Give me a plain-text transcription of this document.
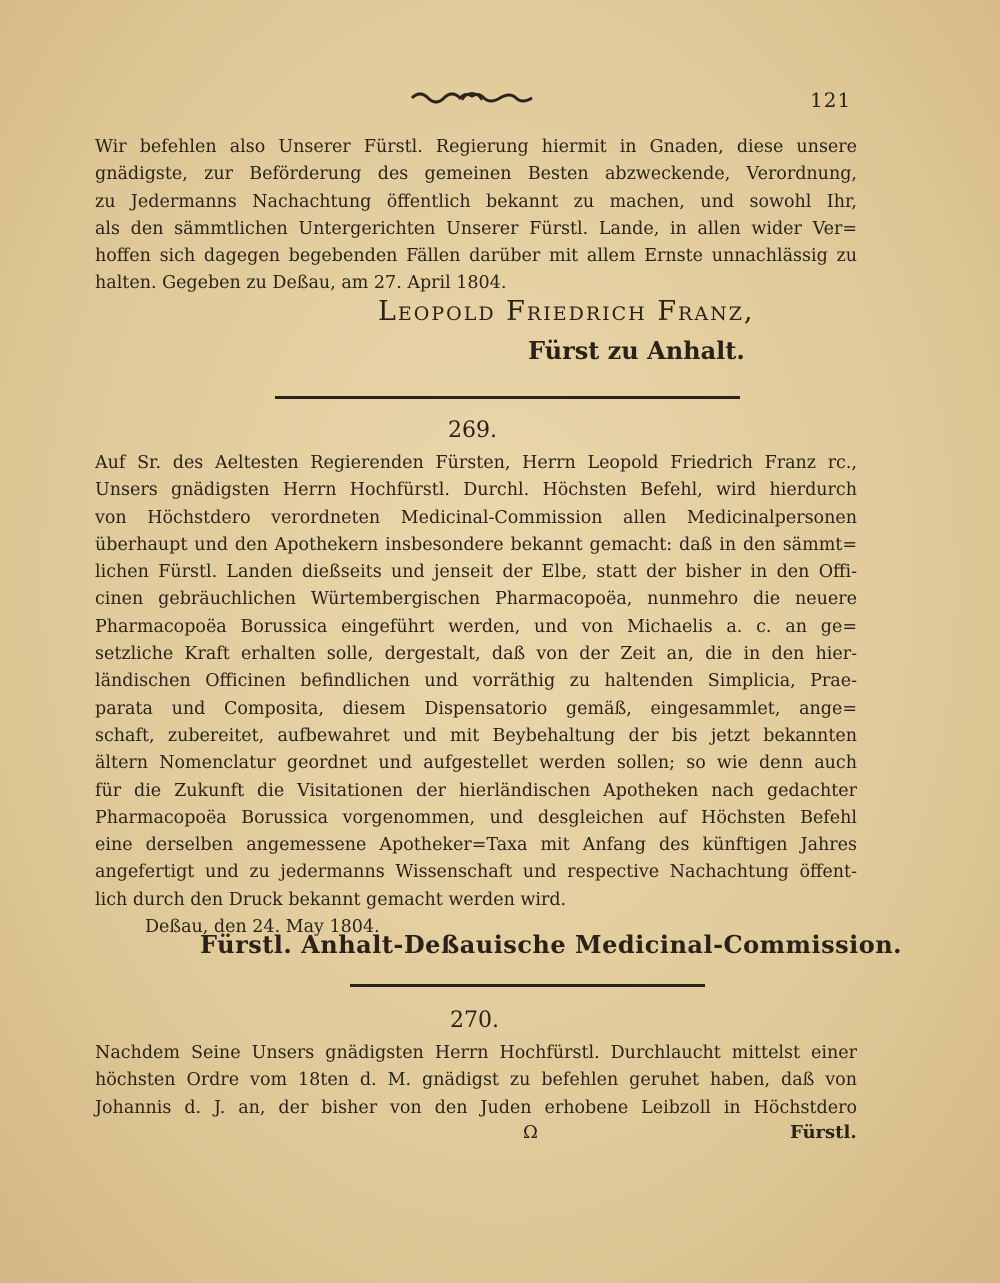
121
Wir befehlen also Unserer Fürstl. Regierung hiermit in Gnaden, diese unsere
gnädigste, zur Beförderung des gemeinen Besten abzweckende, Verordnung,
zu Jedermanns Nachachtung öffentlich bekannt zu machen, und sowohl Ihr,
als den sämmtlichen Untergerichten Unserer Fürstl. Lande, in allen wider Ver=
hoffen sich dagegen begebenden Fällen darüber mit allem Ernste unnachlässig zu
halten. Gegeben zu Deßau, am 27. April 1804.
Leopold Friedrich Franz,
Fürst zu Anhalt.
269.
Auf Sr. des Aeltesten Regierenden Fürsten, Herrn Leopold Friedrich Franz rc.,
Unsers gnädigsten Herrn Hochfürstl. Durchl. Höchsten Befehl, wird hierdurch
von Höchstdero verordneten Medicinal-Commission allen Medicinalpersonen
überhaupt und den Apothekern insbesondere bekannt gemacht: daß in den sämmt=
lichen Fürstl. Landen dießseits und jenseit der Elbe, statt der bisher in den Offi-
cinen gebräuchlichen Würtembergischen Pharmacopoëa, nunmehro die neuere
Pharmacopoëa Borussica eingeführt werden, und von Michaelis a. c. an ge=
setzliche Kraft erhalten solle, dergestalt, daß von der Zeit an, die in den hier-
ländischen Officinen befindlichen und vorräthig zu haltenden Simplicia, Prae-
parata und Composita, diesem Dispensatorio gemäß, eingesammlet, ange=
schaft, zubereitet, aufbewahret und mit Beybehaltung der bis jetzt bekannten
ältern Nomenclatur geordnet und aufgestellet werden sollen; so wie denn auch
für die Zukunft die Visitationen der hierländischen Apotheken nach gedachter
Pharmacopoëa Borussica vorgenommen, und desgleichen auf Höchsten Befehl
eine derselben angemessene Apotheker=Taxa mit Anfang des künftigen Jahres
angefertigt und zu jedermanns Wissenschaft und respective Nachachtung öffent-
lich durch den Druck bekannt gemacht werden wird.
Deßau, den 24. May 1804.
Fürstl. Anhalt-Deßauische Medicinal-Commission.
270.
Nachdem Seine Unsers gnädigsten Herrn Hochfürstl. Durchlaucht mittelst einer
höchsten Ordre vom 18ten d. M. gnädigst zu befehlen geruhet haben, daß von
Johannis d. J. an, der bisher von den Juden erhobene Leibzoll in Höchstdero
Ω	Fürstl.
